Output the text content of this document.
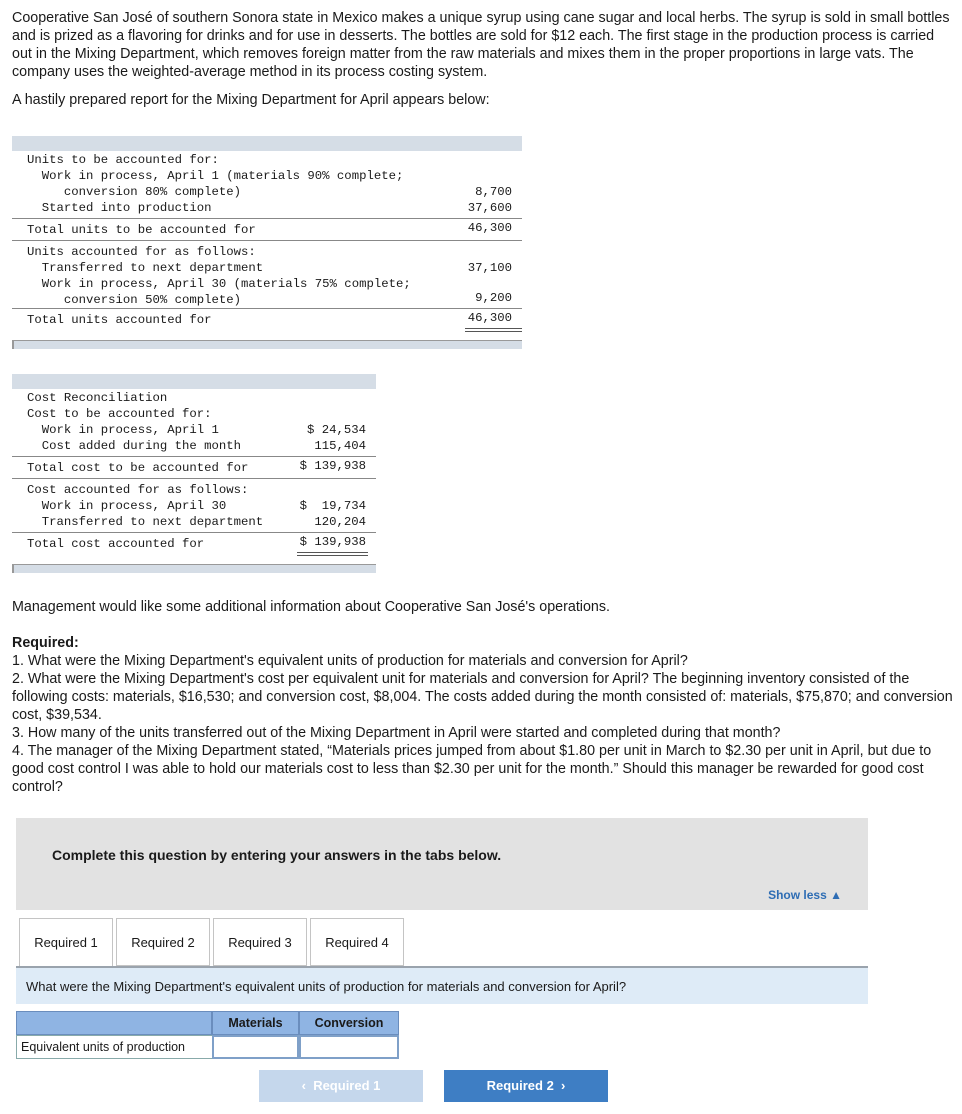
Cooperative San José of southern Sonora state in Mexico makes a unique syrup using cane sugar and local herbs. The syrup is sold in small bottles and is prized as a flavoring for drinks and for use in desserts. The bottles are sold for $12 each. The first stage in the production process is carried out in the Mixing Department, which removes foreign matter from the raw materials and mixes them in the proper proportions in large vats. The company uses the weighted-average method in its process costing system.

A hastily prepared report for the Mixing Department for April appears below:

Units to be accounted for:
Work in process, April 1 (materials 90% complete;
conversion 80% complete)	8,700
Started into production	37,600
Total units to be accounted for	46,300
Units accounted for as follows:
Transferred to next department	37,100
Work in process, April 30 (materials 75% complete;
conversion 50% complete)	9,200
Total units accounted for	46,300
Cost Reconciliation
Cost to be accounted for:
Work in process, April 1	$ 24,534
Cost added during the month	115,404
Total cost to be accounted for	$ 139,938
Cost accounted for as follows:
Work in process, April 30	$  19,734
Transferred to next department	120,204
Total cost accounted for	$ 139,938
Management would like some additional information about Cooperative San José's operations.
Required:
1. What were the Mixing Department's equivalent units of production for materials and conversion for April?
2. What were the Mixing Department's cost per equivalent unit for materials and conversion for April? The beginning inventory consisted of the following costs: materials, $16,530; and conversion cost, $8,004. The costs added during the month consisted of: materials, $75,870; and conversion cost, $39,534.
3. How many of the units transferred out of the Mixing Department in April were started and completed during that month?
4. The manager of the Mixing Department stated, “Materials prices jumped from about $1.80 per unit in March to $2.30 per unit in April, but due to good cost control I was able to hold our materials cost to less than $2.30 per unit for the month.” Should this manager be rewarded for good cost control?
Complete this question by entering your answers in the tabs below.
Show less ▲
Required 1	Required 2	Required 3	Required 4
What were the Mixing Department's equivalent units of production for materials and conversion for April?
Materials	Conversion
Equivalent units of production
‹  Required 1	Required 2  ›
